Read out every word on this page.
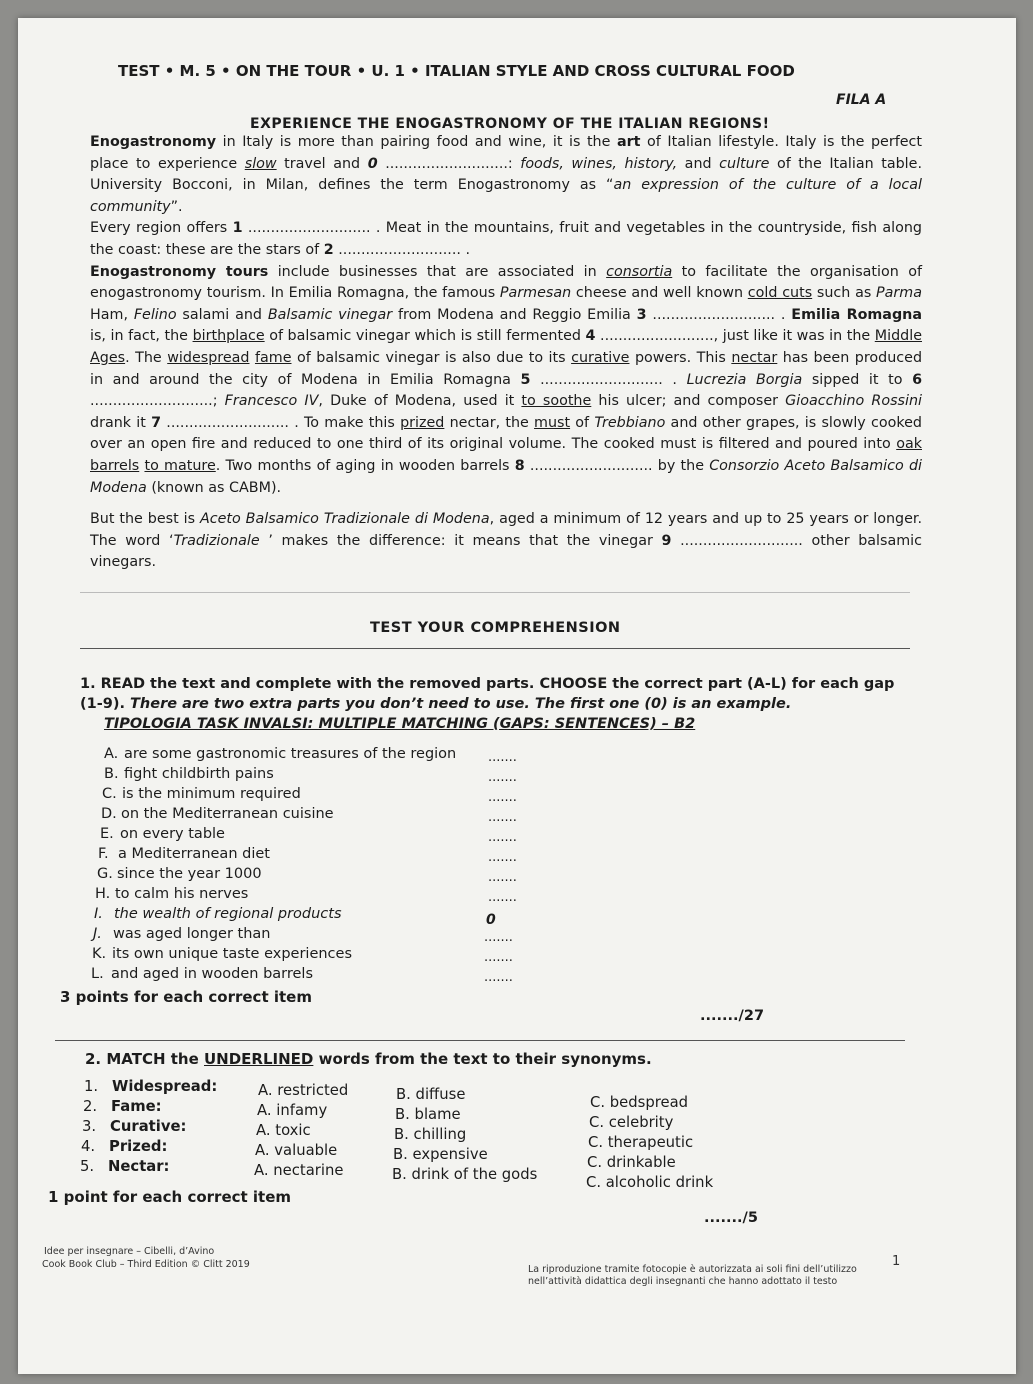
TEST • M. 5 • ON THE TOUR • U. 1 • ITALIAN STYLE AND CROSS CULTURAL FOOD
FILA A
EXPERIENCE THE ENOGASTRONOMY OF THE ITALIAN REGIONS!

Enogastronomy in Italy is more than pairing food and wine, it is the art of Italian lifestyle. Italy is the perfect place to experience slow travel and 0 ...........................: foods, wines, history, and culture of the Italian table. University Bocconi, in Milan, defines the term Enogastronomy as “an expression of the culture of a local community”.

Every region offers 1 ........................... . Meat in the mountains, fruit and vegetables in the countryside, fish along the coast: these are the stars of 2 ........................... .

Enogastronomy tours include businesses that are associated in consortia to facilitate the organisation of enogastronomy tourism. In Emilia Romagna, the famous Parmesan cheese and well known cold cuts such as Parma Ham, Felino salami and Balsamic vinegar from Modena and Reggio Emilia 3 ........................... . Emilia Romagna is, in fact, the birthplace of balsamic vinegar which is still fermented 4 ........................., just like it was in the Middle Ages. The widespread fame of balsamic vinegar is also due to its curative powers. This nectar has been produced in and around the city of Modena in Emilia Romagna 5 ........................... . Lucrezia Borgia sipped it to 6 ...........................; Francesco IV, Duke of Modena, used it to soothe his ulcer; and composer Gioacchino Rossini drank it 7 ........................... . To make this prized nectar, the must of Trebbiano and other grapes, is slowly cooked over an open fire and reduced to one third of its original volume. The cooked must is filtered and poured into oak barrels to mature. Two months of aging in wooden barrels 8 ........................... by the Consorzio Aceto Balsamico di Modena (known as CABM).

But the best is Aceto Balsamico Tradizionale di Modena, aged a minimum of 12 years and up to 25 years or longer. The word ‘Tradizionale ’ makes the difference: it means that the vinegar 9 ........................... other balsamic vinegars.

TEST YOUR COMPREHENSION
1. READ the text and complete with the removed parts. CHOOSE the correct part (A-L) for each gap (1-9). There are two extra parts you don’t need to use. The first one (0) is an example.
TIPOLOGIA TASK INVALSI: MULTIPLE MATCHING (GAPS: SENTENCES) – B2
A. are some gastronomic treasures of the region .......
B. fight childbirth pains	.......
C. is the minimum required	.......
D. on the Mediterranean cuisine	.......
E. on every table	.......
F. a Mediterranean diet	.......
G. since the year 1000	.......
H. to calm his nerves	.......
I. the wealth of regional products	0
J. was aged longer than	.......
K. its own unique taste experiences	.......
L. and aged in wooden barrels	.......
3 points for each correct item
......./27
2. MATCH the UNDERLINED words from the text to their synonyms.
1. Widespread:	A. restricted	B. diffuse	C. bedspread
2. Fame:	A. infamy	B. blame	C. celebrity
3. Curative:	A. toxic	B. chilling	C. therapeutic
4. Prized:	A. valuable	B. expensive	C. drinkable
5. Nectar:	A. nectarine	B. drink of the gods	C. alcoholic drink
1 point for each correct item
......./5
Idee per insegnare – Cibelli, d’Avino
Cook Book Club – Third Edition © Clitt 2019	La riproduzione tramite fotocopie è autorizzata ai soli fini dell’utilizzo
nell’attività didattica degli insegnanti che hanno adottato il testo
1
